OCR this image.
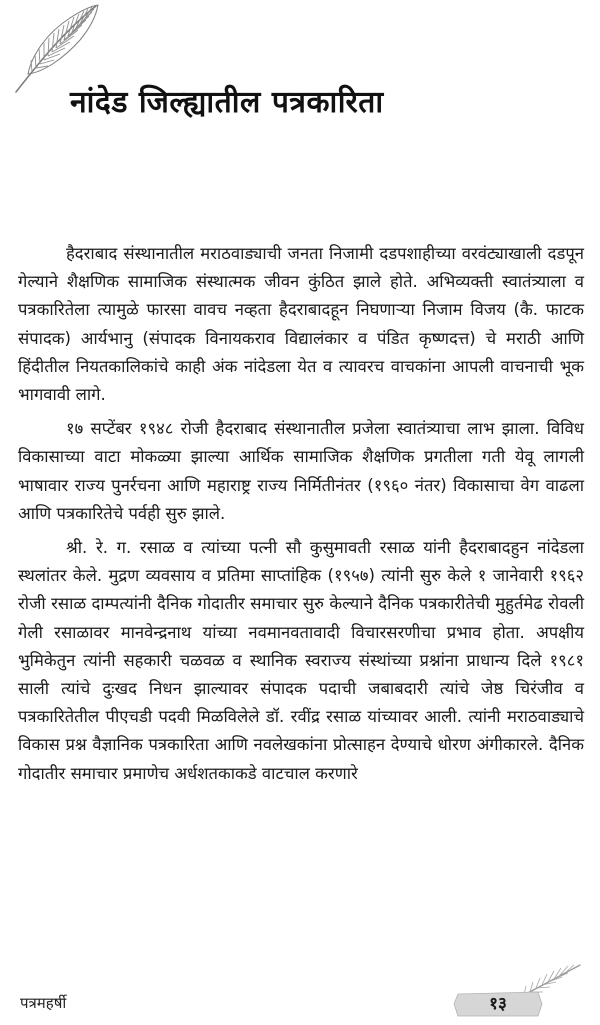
नांदेड जिल्ह्यातील पत्रकारिता

हैदराबाद संस्थानातील मराठवाड्याची जनता निजामी दडपशाहीच्या वरवंट्याखाली दडपून गेल्याने शैक्षणिक सामाजिक संस्थात्मक जीवन कुंठित झाले होते. अभिव्यक्ती स्वातंत्र्याला व पत्रकारितेला त्यामुळे फारसा वावच नव्हता हैदराबादहून निघणाऱ्या निजाम विजय (कै. फाटक संपादक) आर्यभानु (संपादक विनायकराव विद्यालंकार व पंडित कृष्णदत्त) चे मराठी आणि हिंदीतील नियतकालिकांचे काही अंक नांदेडला येत व त्यावरच वाचकांना आपली वाचनाची भूक भागवावी लागे.

१७ सप्टेंबर १९४८ रोजी हैदराबाद संस्थानातील प्रजेला स्वातंत्र्याचा लाभ झाला. विविध विकासाच्या वाटा मोकळ्या झाल्या आर्थिक सामाजिक शैक्षणिक प्रगतीला गती येवू लागली भाषावार राज्य पुनर्रचना आणि महाराष्ट्र राज्य निर्मितीनंतर (१९६० नंतर) विकासाचा वेग वाढला आणि पत्रकारितेचे पर्वही सुरु झाले.

श्री. रे. ग. रसाळ व त्यांच्या पत्नी सौ कुसुमावती रसाळ यांनी हैदराबादहुन नांदेडला स्थलांतर केले. मुद्रण व्यवसाय व प्रतिमा साप्तांहिक (१९५७) त्यांनी सुरु केले १ जानेवारी १९६२ रोजी रसाळ दाम्पत्यांनी दैनिक गोदातीर समाचार सुरु केल्याने दैनिक पत्रकारीतेची मुहुर्तमेढ रोवली गेली रसाळावर मानवेन्द्रनाथ यांच्या नवमानवतावादी विचारसरणीचा प्रभाव होता. अपक्षीय भुमिकेतुन त्यांनी सहकारी चळवळ व स्थानिक स्वराज्य संस्थांच्या प्रश्नांना प्राधान्य दिले १९८१ साली त्यांचे दुःखद निधन झाल्यावर संपादक पदाची जबाबदारी त्यांचे जेष्ठ चिरंजीव व पत्रकारितेतील पीएचडी पदवी मिळविलेले डॉ. रवींद्र रसाळ यांच्यावर आली. त्यांनी मराठवाड्याचे विकास प्रश्न वैज्ञानिक पत्रकारिता आणि नवलेखकांना प्रोत्साहन देण्याचे धोरण अंगीकारले. दैनिक गोदातीर समाचार प्रमाणेच अर्धशतकाकडे वाटचाल करणारे

१३
पत्रमहर्षी
